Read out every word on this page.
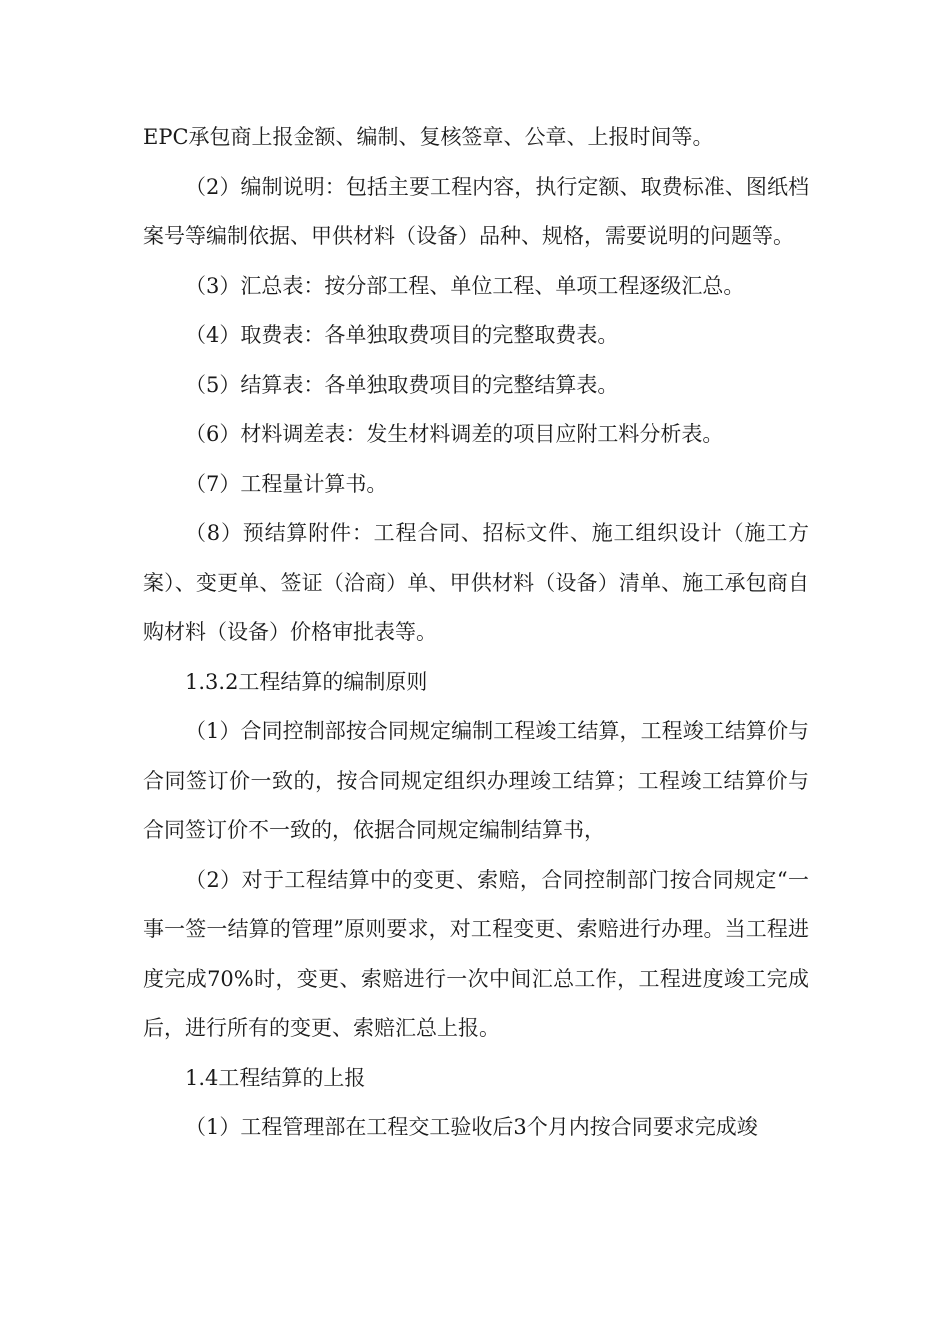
EPC承包商上报金额、编制、复核签章、公章、上报时间等。

（2）编制说明：包括主要工程内容，执行定额、取费标准、图纸档案号等编制依据、甲供材料（设备）品种、规格，需要说明的问题等。

（3）汇总表：按分部工程、单位工程、单项工程逐级汇总。

（4）取费表：各单独取费项目的完整取费表。

（5）结算表：各单独取费项目的完整结算表。

（6）材料调差表：发生材料调差的项目应附工料分析表。

（7）工程量计算书。

（8）预结算附件：工程合同、招标文件、施工组织设计（施工方案）、变更单、签证（洽商）单、甲供材料（设备）清单、施工承包商自购材料（设备）价格审批表等。

1.3.2工程结算的编制原则

（1）合同控制部按合同规定编制工程竣工结算，工程竣工结算价与合同签订价一致的，按合同规定组织办理竣工结算；工程竣工结算价与合同签订价不一致的，依据合同规定编制结算书，

（2）对于工程结算中的变更、索赔，合同控制部门按合同规定“一事一签一结算的管理”原则要求，对工程变更、索赔进行办理。当工程进度完成70%时，变更、索赔进行一次中间汇总工作，工程进度竣工完成后，进行所有的变更、索赔汇总上报。

1.4工程结算的上报

（1）工程管理部在工程交工验收后3个月内按合同要求完成竣
